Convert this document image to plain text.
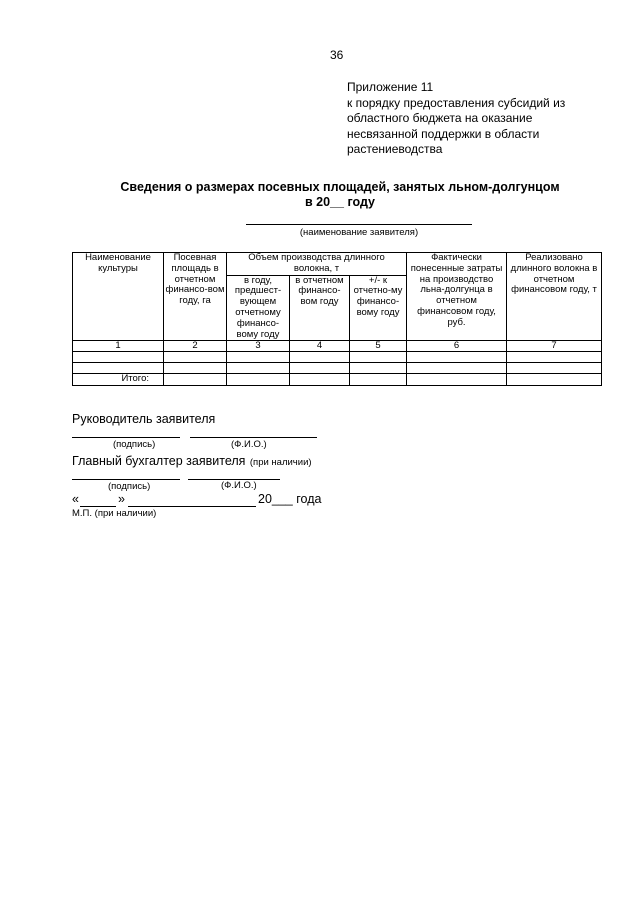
36
Приложение 11
к порядку предоставления субсидий из
областного бюджета на оказание
несвязанной поддержки в области
растениеводства
Сведения о размерах посевных площадей, занятых льном-долгунцом
в 20__ году
(наименование заявителя)
Наименование культуры	Посевная площадь в отчетном финансо-вом году, га	Объем производства длинного волокна, т			Фактически понесенные затраты на производство льна-долгунца в отчетном финансовом году, руб.	Реализовано длинного волокна в отчетном финансовом году, т
		в году, предшест-вующем отчетному финансо-вому году	в отчетном финансо-вом году	+/- к отчетно-му финансо-вому году		
1	2	3	4	5	6	7

Итого:						
Руководитель заявителя
(подпись)	(Ф.И.О.)
Главный бухгалтер заявителя (при наличии)
(подпись)	(Ф.И.О.)
«	»	20___ года
М.П. (при наличии)
